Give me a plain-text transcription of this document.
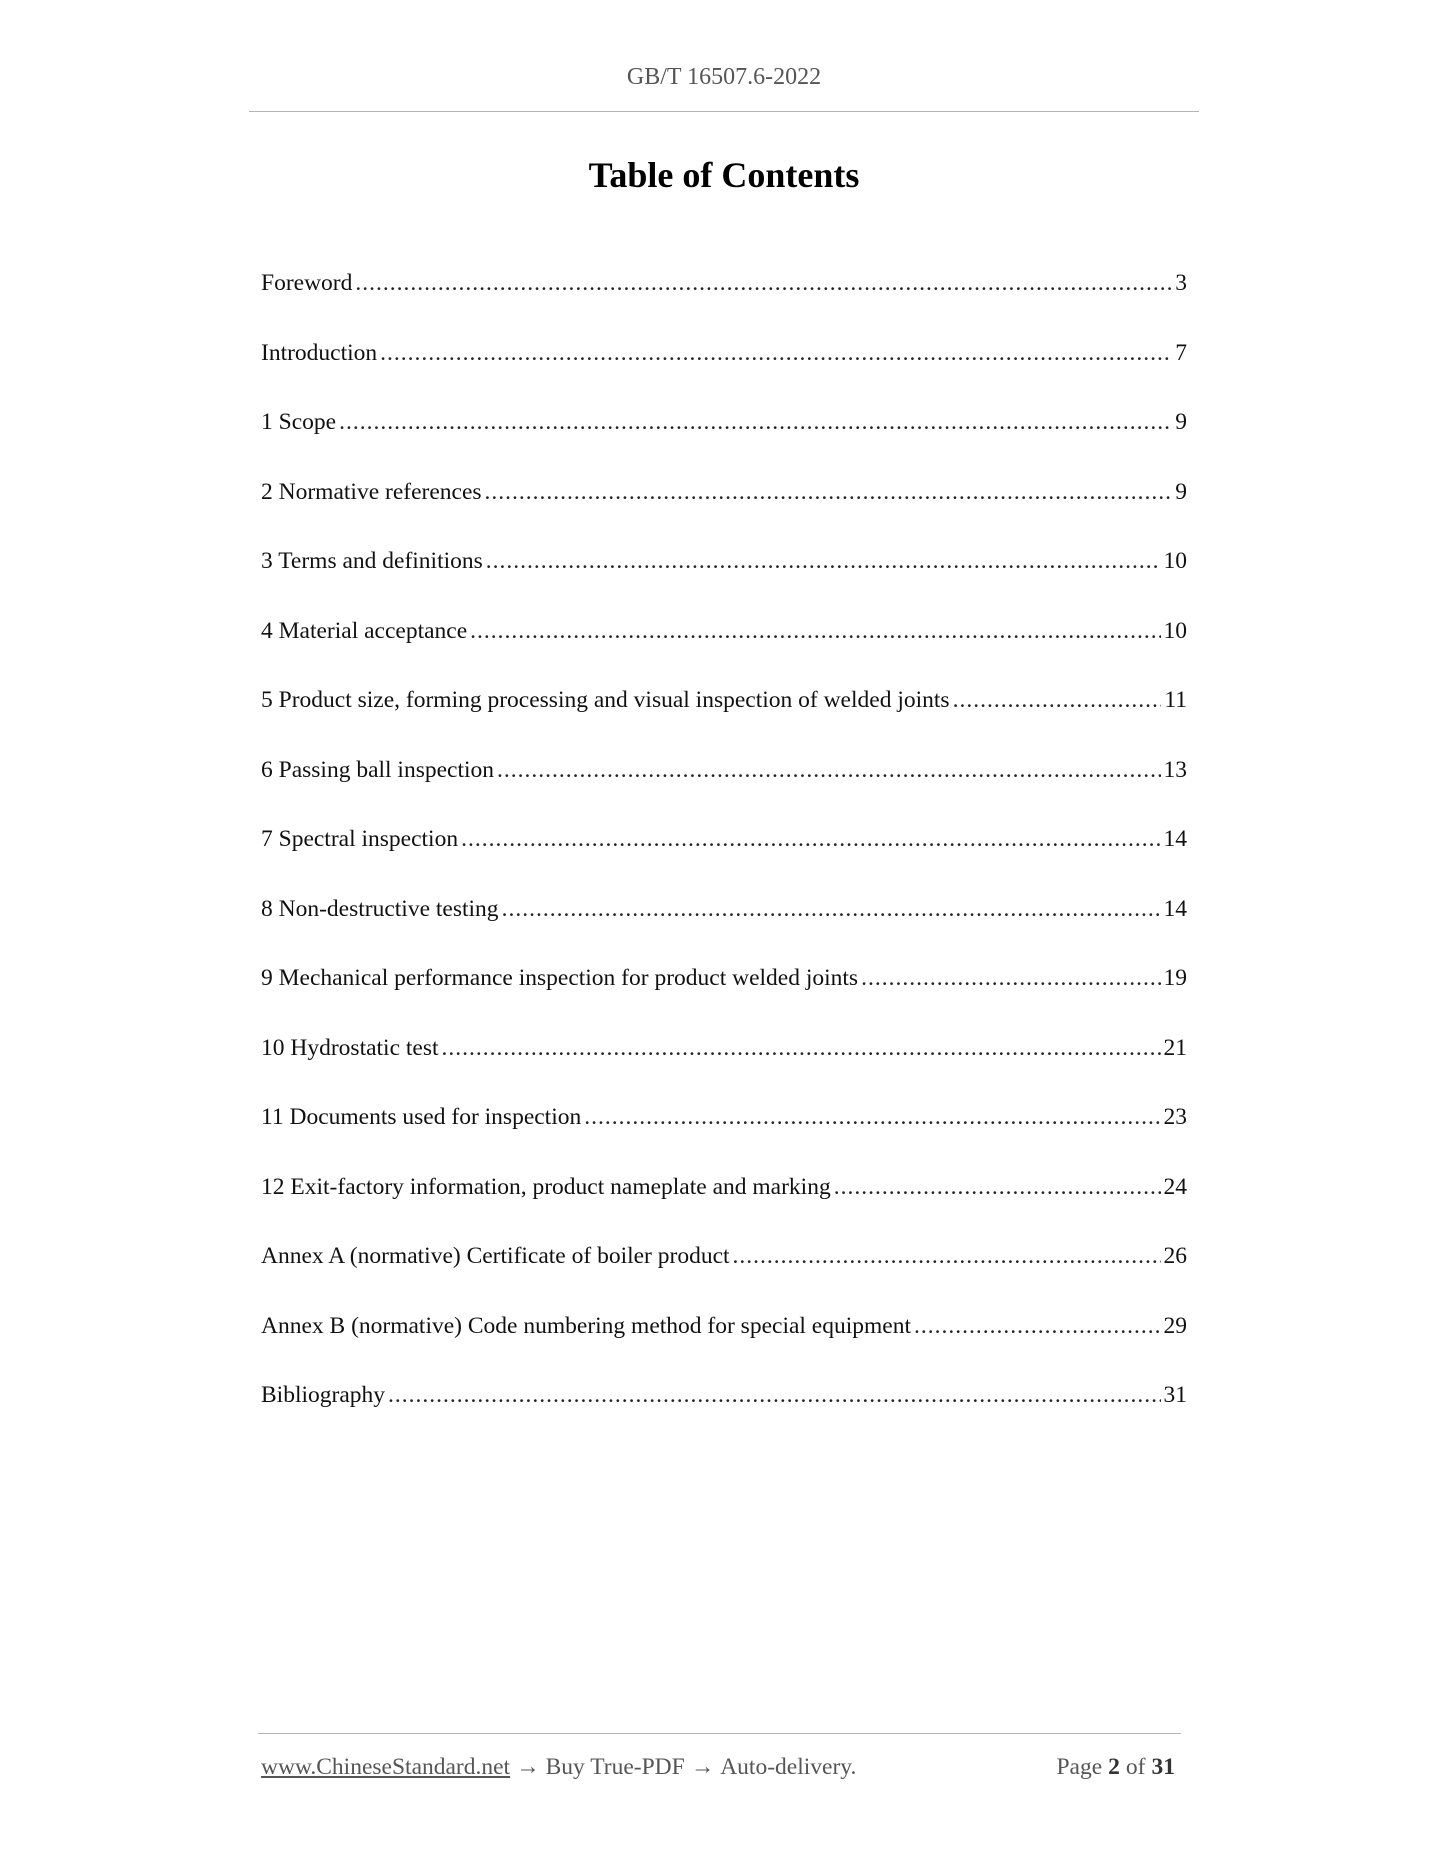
GB/T 16507.6-2022
Table of Contents
Foreword .....	3
Introduction .....	7
1 Scope .....	9
2 Normative references .....	9
3 Terms and definitions .....	10
4 Material acceptance .....	10
5 Product size, forming processing and visual inspection of welded joints .....	11
6 Passing ball inspection .....	13
7 Spectral inspection .....	14
8 Non-destructive testing .....	14
9 Mechanical performance inspection for product welded joints .....	19
10 Hydrostatic test .....	21
11 Documents used for inspection .....	23
12 Exit-factory information, product nameplate and marking .....	24
Annex A (normative) Certificate of boiler product .....	26
Annex B (normative) Code numbering method for special equipment .....	29
Bibliography .....	31
www.ChineseStandard.net → Buy True-PDF → Auto-delivery.	Page 2 of 31
